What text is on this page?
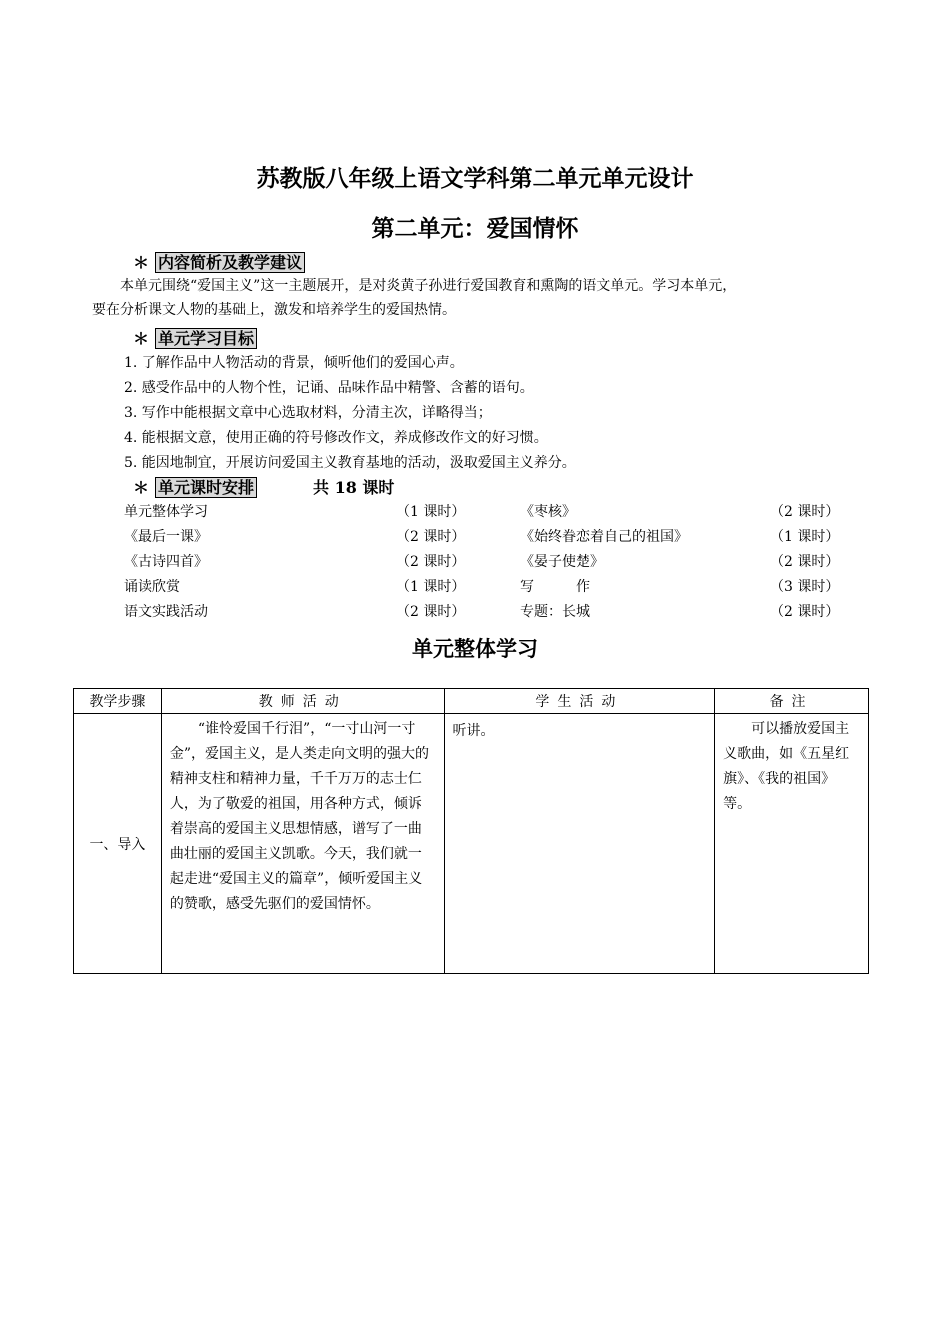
苏教版八年级上语文学科第二单元单元设计
第二单元：爱国情怀
＊ 内容简析及教学建议
本单元围绕“爱国主义”这一主题展开，是对炎黄子孙进行爱国教育和熏陶的语文单元。学习本单元，
要在分析课文人物的基础上，激发和培养学生的爱国热情。
＊ 单元学习目标
1. 了解作品中人物活动的背景，倾听他们的爱国心声。
2. 感受作品中的人物个性，记诵、品味作品中精警、含蓄的语句。
3. 写作中能根据文章中心选取材料，分清主次，详略得当；
4. 能根据文意，使用正确的符号修改作文，养成修改作文的好习惯。
5. 能因地制宜，开展访问爱国主义教育基地的活动，汲取爱国主义养分。
＊ 单元课时安排	共 18 课时
单元整体学习	（1 课时）	《枣核》	（2 课时）
《最后一课》	（2 课时）	《始终眷恋着自己的祖国》	（1 课时）
《古诗四首》	（2 课时）	《晏子使楚》	（2 课时）
诵读欣赏	（1 课时）	写　　　作	（3 课时）
语文实践活动	（2 课时）	专题：长城	（2 课时）
单元整体学习
教学步骤	教师活动	学生活动	备注
一、导入	“谁怜爱国千行泪”，“一寸山河一寸金”，爱国主义，是人类走向文明的强大的精神支柱和精神力量，千千万万的志士仁人，为了敬爱的祖国，用各种方式，倾诉着崇高的爱国主义思想情感，谱写了一曲曲壮丽的爱国主义凯歌。今天，我们就一起走进“爱国主义的篇章”，倾听爱国主义的赞歌，感受先驱们的爱国情怀。	听讲。	可以播放爱国主义歌曲，如《五星红旗》、《我的祖国》等。
